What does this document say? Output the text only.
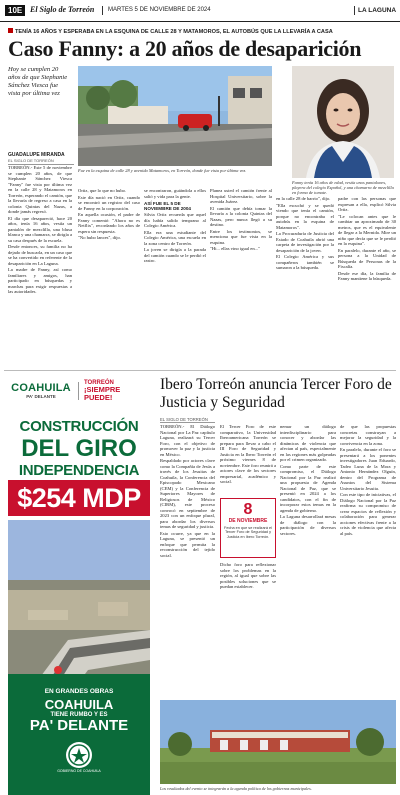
10E El Siglo de Torreón MARTES 5 DE NOVIEMBRE DE 2024	LA LAGUNA
TENÍA 16 AÑOS Y ESPERABA EN LA ESQUINA DE CALLE 28 Y MATAMOROS, EL AUTOBÚS QUE LA LLEVARÍA A CASA
Caso Fanny: a 20 años de desaparición
Hoy se cumplen 20 años de que Stephanie Sánchez Viesca fue vista por última vez
GUADALUPE MIRANDA
EL SIGLO DE TORREÓN

TORREÓN.- Este 5 de noviembre se cumplen 20 años, de que Stephanie Sánchez Viesca "Fanny" fue vista por última vez en la calle 28 y Matamoros en Torreón, esperando el camión, que la llevaría de regreso a casa en la colonia Quintas del Nazas, a donde jamás regresó.

El día que desapareció, hace 20 años, tenía 16 años, vestía un pantalón de mezclilla, una blusa blanca y una chamarra, se dirigía a su casa después de la escuela.

Desde entonces, su familia no ha dejado de buscarla, en un caso que se ha convertido en referente de la desaparición en La Laguna.

La madre de Fanny, así como familiares y amigos, han participado en búsquedas y marchas para exigir respuestas a las autoridades.

Fue en la esquina de calle 28 y avenida Matamoros, en Torreón, donde fue vista por última vez.
Fanny tenía 16 años de edad, vestía unos pantalones, playera del colegio Español, y una chamarra de mezclilla en forma de tomate.

Ortiz, que lo que no hubo.

Este día nació en Ortiz, cuando se encontró un registro del caso de Fanny en la corporación.

En aquella ocasión, el padre de Fanny comentó: "Ahora no es Netflix", recordando los años de espera sin respuesta.

"No hubo lances", dijo.

se encontraron, guiándola a ellos salió y vida para la gente.

ASÍ FUE EL 5 DE NOVIEMBRE DE 2004

Silvia Ortiz recuerda que aquel día había salido temprano al Colegio América.

Ella era una estudiante del Colegio América, una escuela en la zona centro de Torreón.

La joven se dirigía a la parada del camión cuando se le perdió el rastro.

Planea usted el camión frente al Hospital Universitario, sobre la avenida Juárez.

El camión que debía tomar la llevaría a la colonia Quintas del Nazas, pero nunca llegó a su destino.

Entre los testimonios, se menciona que fue vista en la esquina.

"Hi... ellas vino igual en..."

en la calle 28 de barrio", dijo.

"Ella escuchó y se quedó viendo que tenía el camión, porque no encontraba el autobús en la esquina de Matamoros".

La Procuraduría de Justicia del Estado de Coahuila abrió una carpeta de investigación por la desaparición de la joven.

El Colegio América y sus compañeros también se sumaron a la búsqueda.

padre con las personas que expresan a ella, explicó Silvia Ortiz.

"Le colocan antes que le cambiar un aproximado de 30 metros, que es el equivalente de llegar a la Mernida. Mire un niño que decía que se le perdió en la esquina".

En paralelo, durante el año, se persona a la Unidad de Búsqueda de Personas de la Fiscalía.

Desde ese día, la familia de Fanny mantiene la búsqueda.

COAHUILA
PA' DELANTE
TORREÓN
¡SIEMPRE PUEDE!
CONSTRUCCIÓN
DEL GIRO
INDEPENDENCIA
$254 MDP
EN GRANDES OBRAS
COAHUILA
TIENE RUMBO Y ES
PA' DELANTE
GOBIERNO DE COAHUILA
Ibero Torreón anuncia Tercer Foro de Justicia y Seguridad
EL SIGLO DE TORREÓN

TORREÓN.- El Diálogo Nacional por La Paz capítulo Laguna, realizará su Tercer Foro, con el objetivo de promover la paz y la justicia en México.

Respaldado por actores clave como la Compañía de Jesús a través de los Jesuitas de Coahuila, la Conferencia del Episcopado Mexicano (CEM) y la Conferencia de Superiores Mayores de Religiosos de México (CIRM), este proceso convocó en septiembre de 2023 con un enfoque plural, para abordar los diversos temas de seguridad y justicia.

Esto ocurre, ya que en la Laguna, se presentó un enfoque que permita la reconstrucción del tejido social.

8
DE NOVIEMBRE
Fecha en que se realizará el Tercer Foro de Seguridad y Justicia en Ibero Torreón.

El Tercer Foro de este comparativo, la Universidad Iberoamericana Torreón se prepara para llevar a cabo el III Foro de Seguridad y Justicia en la Ibero Torreón el próximo viernes 8 de noviembre. Este foro reunirá a actores clave de los sectores empresarial, académico y social.

Dicho foro para reflexionar sobre los problemas en la región, al igual que sobre las posibles soluciones que se puedan establecer.

nemar un diálogo interdisciplinario para conocer y abordar las dinámicas de violencia que afectan al país, especialmente en las regiones más golpeadas por el crimen organizado.

Como parte de este compromiso, el Diálogo Nacional por la Paz realizó una propuesta de Agenda Nacional de Paz, que se presentó en 2024 a los candidatos, con el fin de incorporar estos temas en la agenda de gobierno.

La Laguna desarrollará mesas de diálogo con la participación de diversos sectores.

de que las propuestas concretas construyan a mejorar la seguridad y la convivencia en la zona.

En paralelo, durante el foro se presentará a los ponentes investigadores Juan Eduardo, Tadeo Luna de la Mora y Antonio Hernández Olguín, dentro del Programa de Asuntos del Sistema Universitario Jesuita.

Con este tipo de iniciativas, el Diálogo Nacional por la Paz reafirma su compromiso de crear espacios de reflexión y colaboración para generar acciones efectivas frente a la crisis de violencia que afecta al país.

Los resultados del evento se integrarán a la agenda política de los gobiernos municipales.
